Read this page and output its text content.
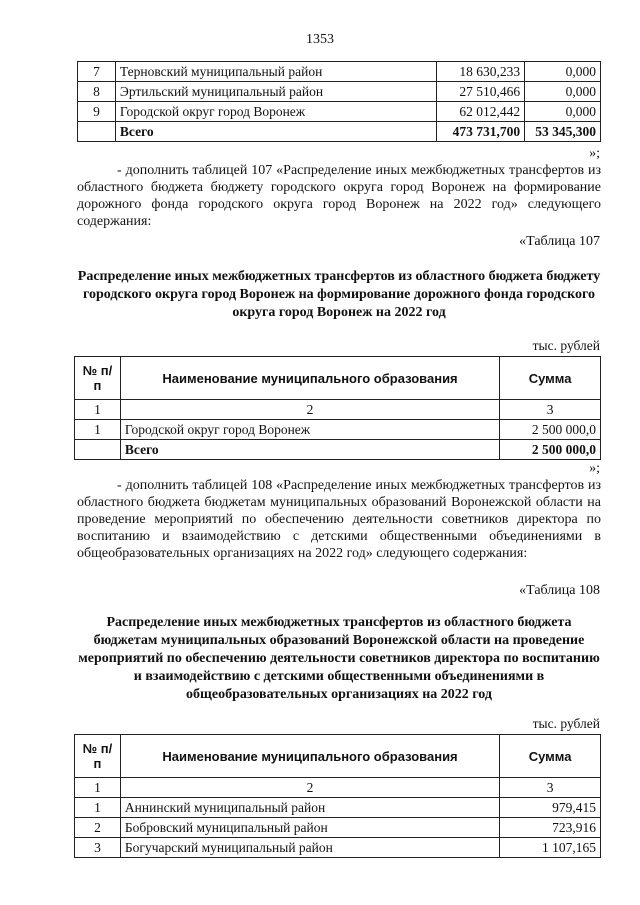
1353
7	Терновский муниципальный район	18 630,233	0,000
8	Эртильский муниципальный район	27 510,466	0,000
9	Городской округ город Воронеж	62 012,442	0,000
	Всего	473 731,700	53 345,300
»;
- дополнить таблицей 107 «Распределение иных межбюджетных трансфертов из областного бюджета бюджету городского округа город Воронеж на формирование дорожного фонда городского округа город Воронеж на 2022 год» следующего содержания:
«Таблица 107
Распределение иных межбюджетных трансфертов из областного бюджета бюджету городского округа город Воронеж на формирование дорожного фонда городского округа город Воронеж на 2022 год
тыс. рублей
№ п/п	Наименование муниципального образования	Сумма
1	2	3
1	Городской округ город Воронеж	2 500 000,0
	Всего	2 500 000,0
»;
- дополнить таблицей 108 «Распределение иных межбюджетных трансфертов из областного бюджета бюджетам муниципальных образований Воронежской области на проведение мероприятий по обеспечению деятельности советников директора по воспитанию и взаимодействию с детскими общественными объединениями в общеобразовательных организациях на 2022 год» следующего содержания:
«Таблица 108
Распределение иных межбюджетных трансфертов из областного бюджета бюджетам муниципальных образований Воронежской области на проведение мероприятий по обеспечению деятельности советников директора по воспитанию и взаимодействию с детскими общественными объединениями в общеобразовательных организациях на 2022 год
тыс. рублей
№ п/п	Наименование муниципального образования	Сумма
1	2	3
1	Аннинский муниципальный район	979,415
2	Бобровский муниципальный район	723,916
3	Богучарский муниципальный район	1 107,165
